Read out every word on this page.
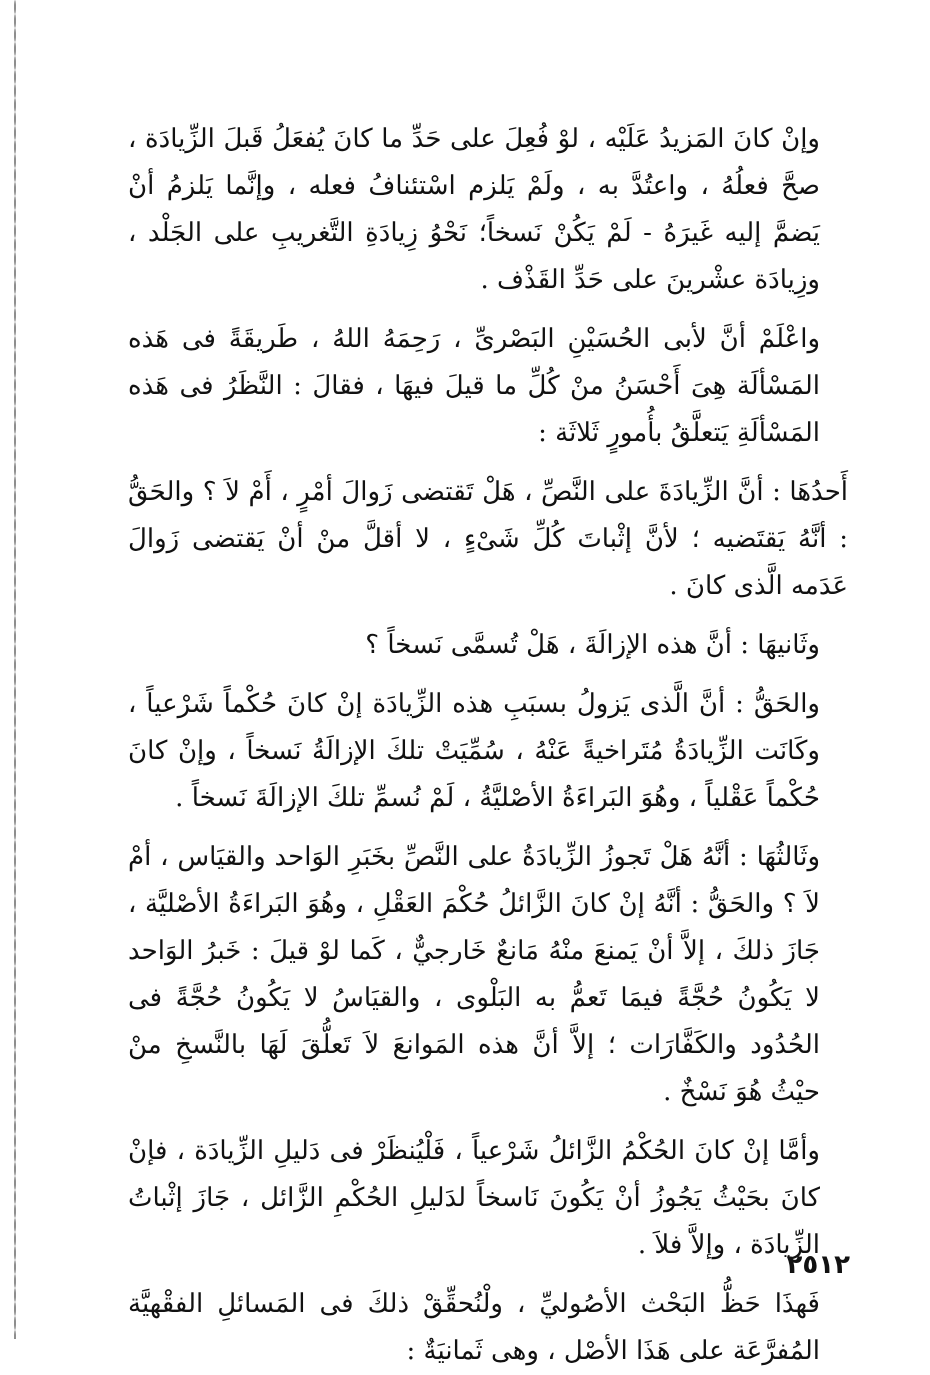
وإنْ كانَ المَزيدُ عَلَيْه ، لوْ فُعِلَ على حَدِّ ما كانَ يُفعَلُ قَبلَ الزِّيادَة ، صحَّ فعلُهُ ، واعتُدَّ به ، ولَمْ يَلزم اسْتئنافُ فعله ، وإنَّما يَلزمُ أنْ يَضمَّ إليه غَيرَهُ - لَمْ يَكُنْ نَسخاً؛ نَحْوُ زِيادَةِ التَّغريبِ على الجَلْد ، وزِيادَة عشْرينَ على حَدِّ القَذْف .

واعْلَمْ أنَّ لأبى الحُسَيْنِ البَصْرىِّ ، رَحِمَهُ اللهُ ، طَريقَةً فى هَذه المَسْألَة هِىَ أَحْسَنُ منْ كُلِّ ما قيلَ فيهَا ، فقالَ : النَّظَرُ فى هَذه المَسْألَةِ يَتعلَّقُ بأُمورٍ ثَلاثَة :

أَحدُهَا : أنَّ الزِّيادَةَ على النَّصِّ ، هَلْ تَقتضى زَوالَ أمْرٍ ، أَمْ لاَ ؟ والحَقُّ : أنَّهُ يَقتَضيه ؛ لأنَّ إثْباتَ كُلِّ شَىْءٍ ، لا أقلَّ منْ أنْ يَقتضى زَوالَ عَدَمه الَّذى كانَ .

وثَانيهَا : أنَّ هذه الإزالَةَ ، هَلْ تُسمَّى نَسخاً ؟

والحَقُّ : أنَّ الَّذى يَزولُ بسبَبِ هذه الزِّيادَة إنْ كانَ حُكْماً شَرْعياً ، وكَانَت الزِّيادَةُ مُتَراخيةً عَنْهُ ، سُمِّيَتْ تلكَ الإزالَةُ نَسخاً ، وإنْ كانَ حُكْماً عَقْلياً ، وهُوَ البَراءَةُ الأصْليَّةُ ، لَمْ نُسمِّ تلكَ الإزالَةَ نَسخاً .

وثَالثُهَا : أنَّهُ هَلْ تَجوزُ الزِّيادَةُ على النَّصِّ بخَبَرِ الوَاحد والقيَاس ، أمْ لاَ ؟ والحَقُّ : أنَّهُ إنْ كانَ الزَّائلُ حُكْمَ العَقْلِ ، وهُوَ البَراءَةُ الأصْليَّة ، جَازَ ذلكَ ، إلاَّ أنْ يَمنعَ منْهُ مَانعٌ خَارجيٌّ ، كَما لوْ قيلَ : خَبرُ الوَاحد لا يَكُونُ حُجَّةً فيمَا تَعمُّ به البَلْوى ، والقيَاسُ لا يَكُونُ حُجَّةً فى الحُدُود والكَفَّارَات ؛ إلاَّ أنَّ هذه المَوانعَ لاَ تَعلُّقَ لَهَا بالنَّسخِ منْ حيْثُ هُوَ نَسْخٌ .

وأمَّا إنْ كانَ الحُكْمُ الزَّائلُ شَرْعياً ، فَلْيُنظَرْ فى دَليلِ الزِّيادَة ، فإنْ كانَ بحَيْثُ يَجُوزُ أنْ يَكُونَ نَاسخاً لدَليلِ الحُكْمِ الزَّائل ، جَازَ إثْباتُ الزِّيادَة ، وإلاَّ فلاَ .

فَهذَا حَظُّ البَحْث الأصُوليِّ ، ولْنُحقِّقْ ذلكَ فى المَسائلِ الفقْهيَّة المُفرَّعَة على هَذَا الأصْل ، وهى ثَمانيَةٌ :

٢٥١٢
